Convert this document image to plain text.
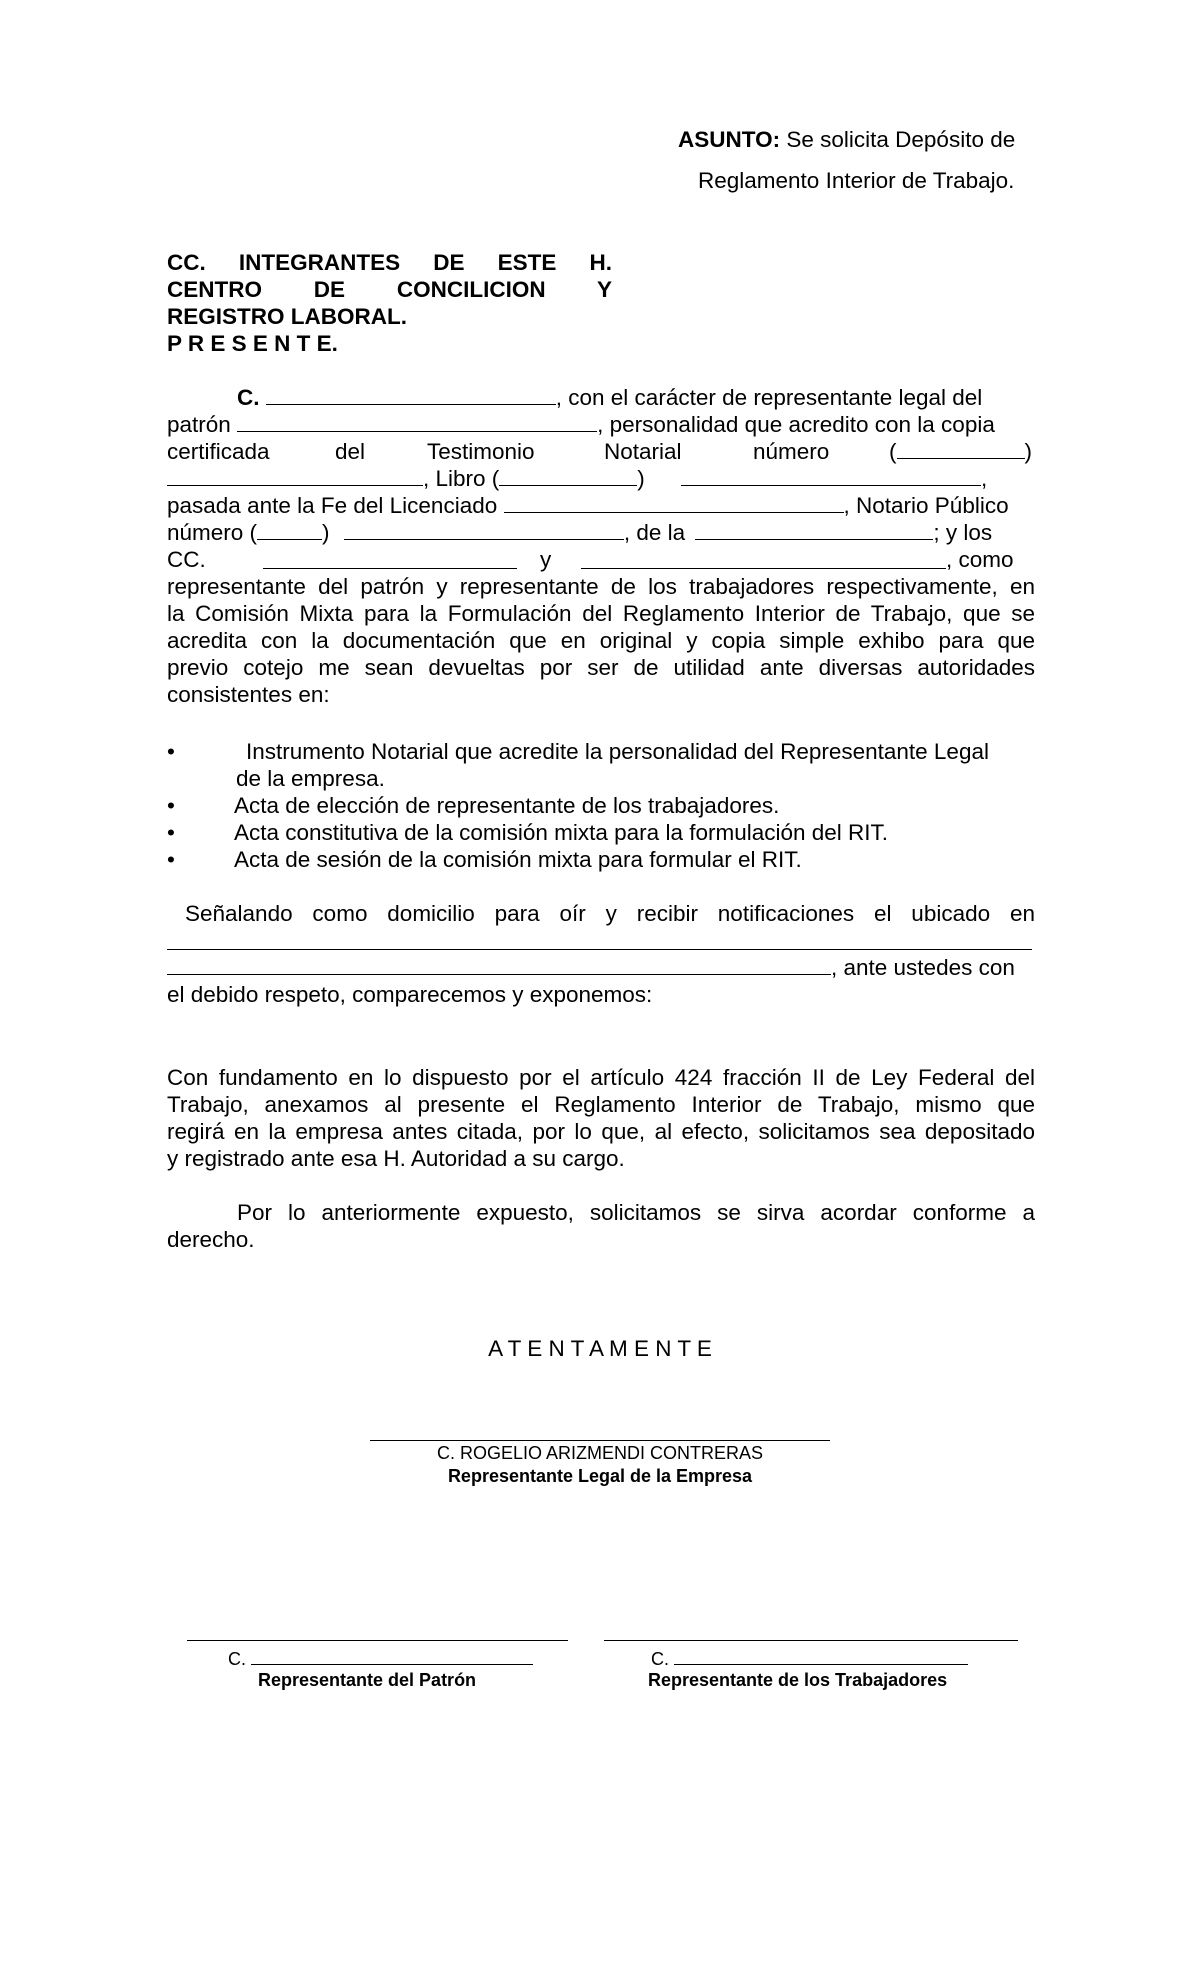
ASUNTO: Se solicita Depósito de
Reglamento Interior de Trabajo.
CC. INTEGRANTES DE ESTE H.
CENTRO DE CONCILICION Y
REGISTRO LABORAL.
P R E S E N T E.
C.	, con el carácter de representante legal del
patrón	, personalidad que acredito con la copia
certificada	del	Testimonio	Notarial	número	(	)
, Libro (	)	,
pasada ante la Fe del Licenciado	, Notario Público
número (	)	, de la	; y los
CC.	y	, como
representante del patrón y representante de los trabajadores respectivamente, en
la Comisión Mixta para la Formulación del Reglamento Interior de Trabajo, que se
acredita con la documentación que en original y copia simple exhibo para que
previo cotejo me sean devueltas por ser de utilidad ante diversas autoridades
consistentes en:
•	Instrumento Notarial que acredite la personalidad del Representante Legal
de la empresa.
•	Acta de elección de representante de los trabajadores.
•	Acta constitutiva de la comisión mixta para la formulación del RIT.
•	Acta de sesión de la comisión mixta para formular el RIT.
Señalando como domicilio para oír y recibir notificaciones el ubicado en
, ante ustedes con
el debido respeto, comparecemos y exponemos:
Con fundamento en lo dispuesto por el artículo 424 fracción II de Ley Federal del
Trabajo, anexamos al presente el Reglamento Interior de Trabajo, mismo que
regirá en la empresa antes citada, por lo que, al efecto, solicitamos sea depositado
y registrado ante esa H. Autoridad a su cargo.
Por lo anteriormente expuesto, solicitamos se sirva acordar conforme a
derecho.
A T E N T A M E N T E
C. ROGELIO ARIZMENDI CONTRERAS
Representante Legal de la Empresa
C.
Representante del Patrón
C.
Representante de los Trabajadores
